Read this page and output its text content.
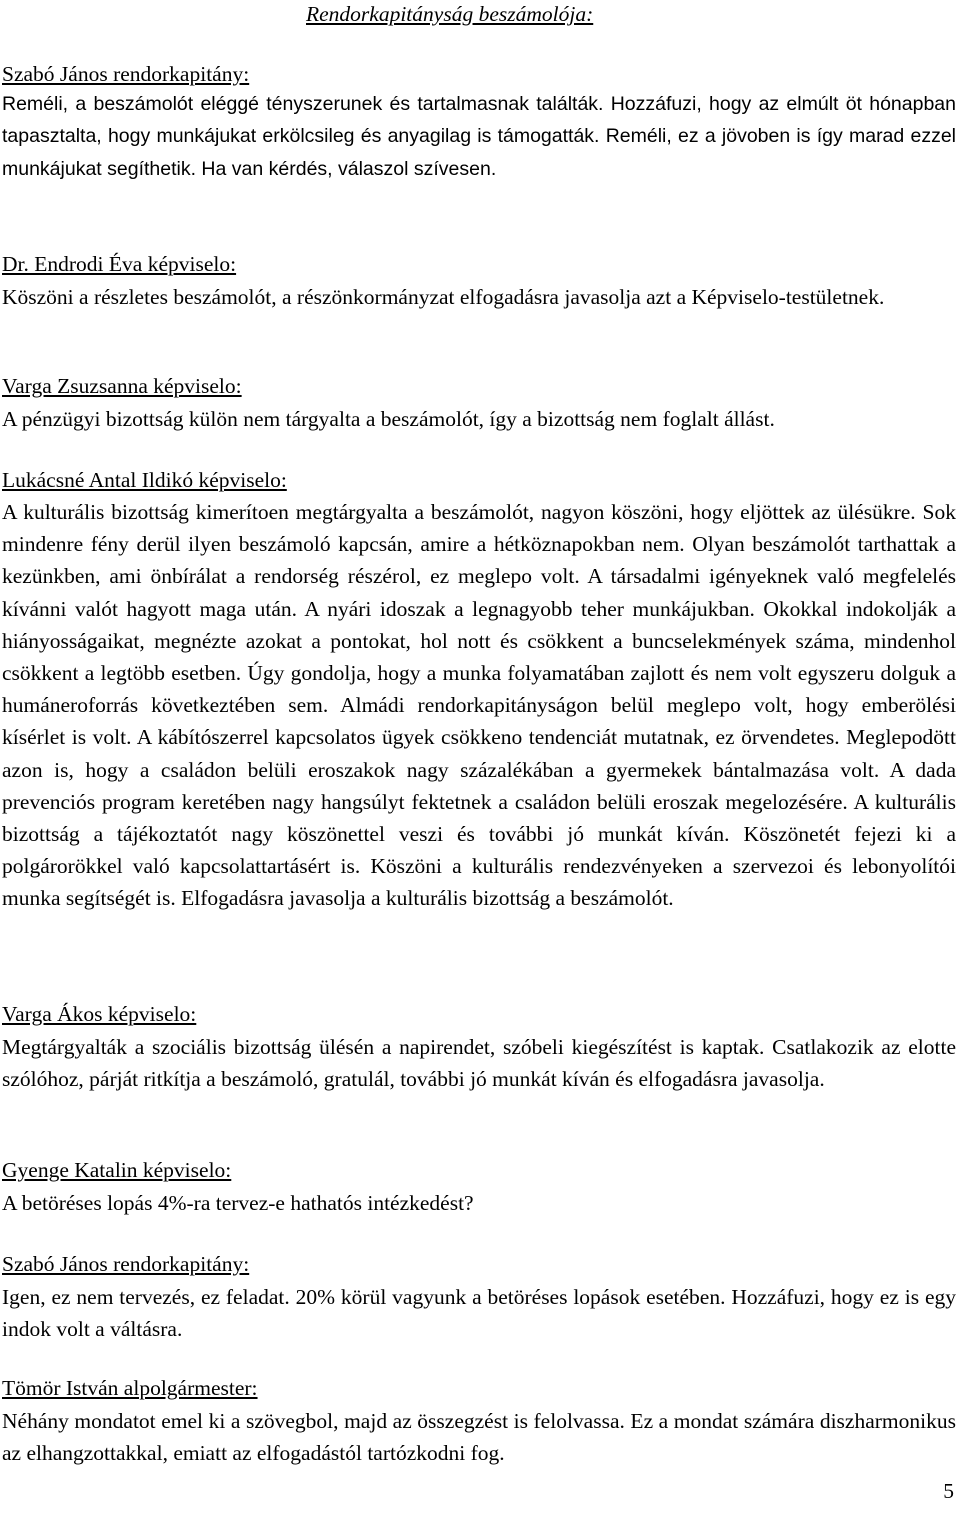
Rendorkapitányság beszámolója:
Szabó János rendorkapitány:
Reméli, a beszámolót eléggé tényszerunek és tartalmasnak találták. Hozzáfuzi, hogy az elmúlt öt hónapban tapasztalta, hogy munkájukat erkölcsileg és anyagilag is támogatták. Reméli, ez a jövoben is így marad ezzel munkájukat segíthetik. Ha van kérdés, válaszol szívesen.
Dr. Endrodi Éva képviselo:
Köszöni a részletes beszámolót, a részönkormányzat elfogadásra javasolja azt a Képviselo-testületnek.
Varga Zsuzsanna képviselo:
A pénzügyi bizottság külön nem tárgyalta a beszámolót, így a bizottság nem foglalt állást.
Lukácsné Antal Ildikó képviselo:
A kulturális bizottság kimerítoen megtárgyalta a beszámolót, nagyon köszöni, hogy eljöttek az ülésükre. Sok mindenre fény derül ilyen beszámoló kapcsán, amire a hétköznapokban nem. Olyan beszámolót tarthattak a kezünkben, ami önbírálat a rendorség részérol, ez meglepo volt. A társadalmi igényeknek való megfelelés kívánni valót hagyott maga után. A nyári idoszak a legnagyobb teher munkájukban. Okokkal indokolják a hiányosságaikat, megnézte azokat a pontokat, hol nott és csökkent a buncselekmények száma, mindenhol csökkent a legtöbb esetben. Úgy gondolja, hogy a munka folyamatában zajlott és nem volt egyszeru dolguk a humáneroforrás következtében sem. Almádi rendorkapitányságon belül meglepo volt, hogy emberölési kísérlet is volt. A kábítószerrel kapcsolatos ügyek csökkeno tendenciát mutatnak, ez örvendetes. Meglepodött azon is, hogy a családon belüli eroszakok nagy százalékában a gyermekek bántalmazása volt. A dada prevenciós program keretében nagy hangsúlyt fektetnek a családon belüli eroszak megelozésére. A kulturális bizottság a tájékoztatót nagy köszönettel veszi és további jó munkát kíván. Köszönetét fejezi ki a polgárorökkel való kapcsolattartásért is. Köszöni a kulturális rendezvényeken a szervezoi és lebonyolítói munka segítségét is. Elfogadásra javasolja a kulturális bizottság a beszámolót.
Varga Ákos képviselo:
Megtárgyalták a szociális bizottság ülésén a napirendet, szóbeli kiegészítést is kaptak. Csatlakozik az elotte szólóhoz, párját ritkítja a beszámoló, gratulál, további jó munkát kíván és elfogadásra javasolja.
Gyenge Katalin képviselo:
A betöréses lopás 4%-ra tervez-e hathatós intézkedést?
Szabó János rendorkapitány:
Igen, ez nem tervezés, ez feladat. 20% körül vagyunk a betöréses lopások esetében. Hozzáfuzi, hogy ez is egy indok volt a váltásra.
Tömör István alpolgármester:
Néhány mondatot emel ki a szövegbol, majd az összegzést is felolvassa. Ez a mondat számára diszharmonikus az elhangzottakkal, emiatt az elfogadástól tartózkodni fog.
5
